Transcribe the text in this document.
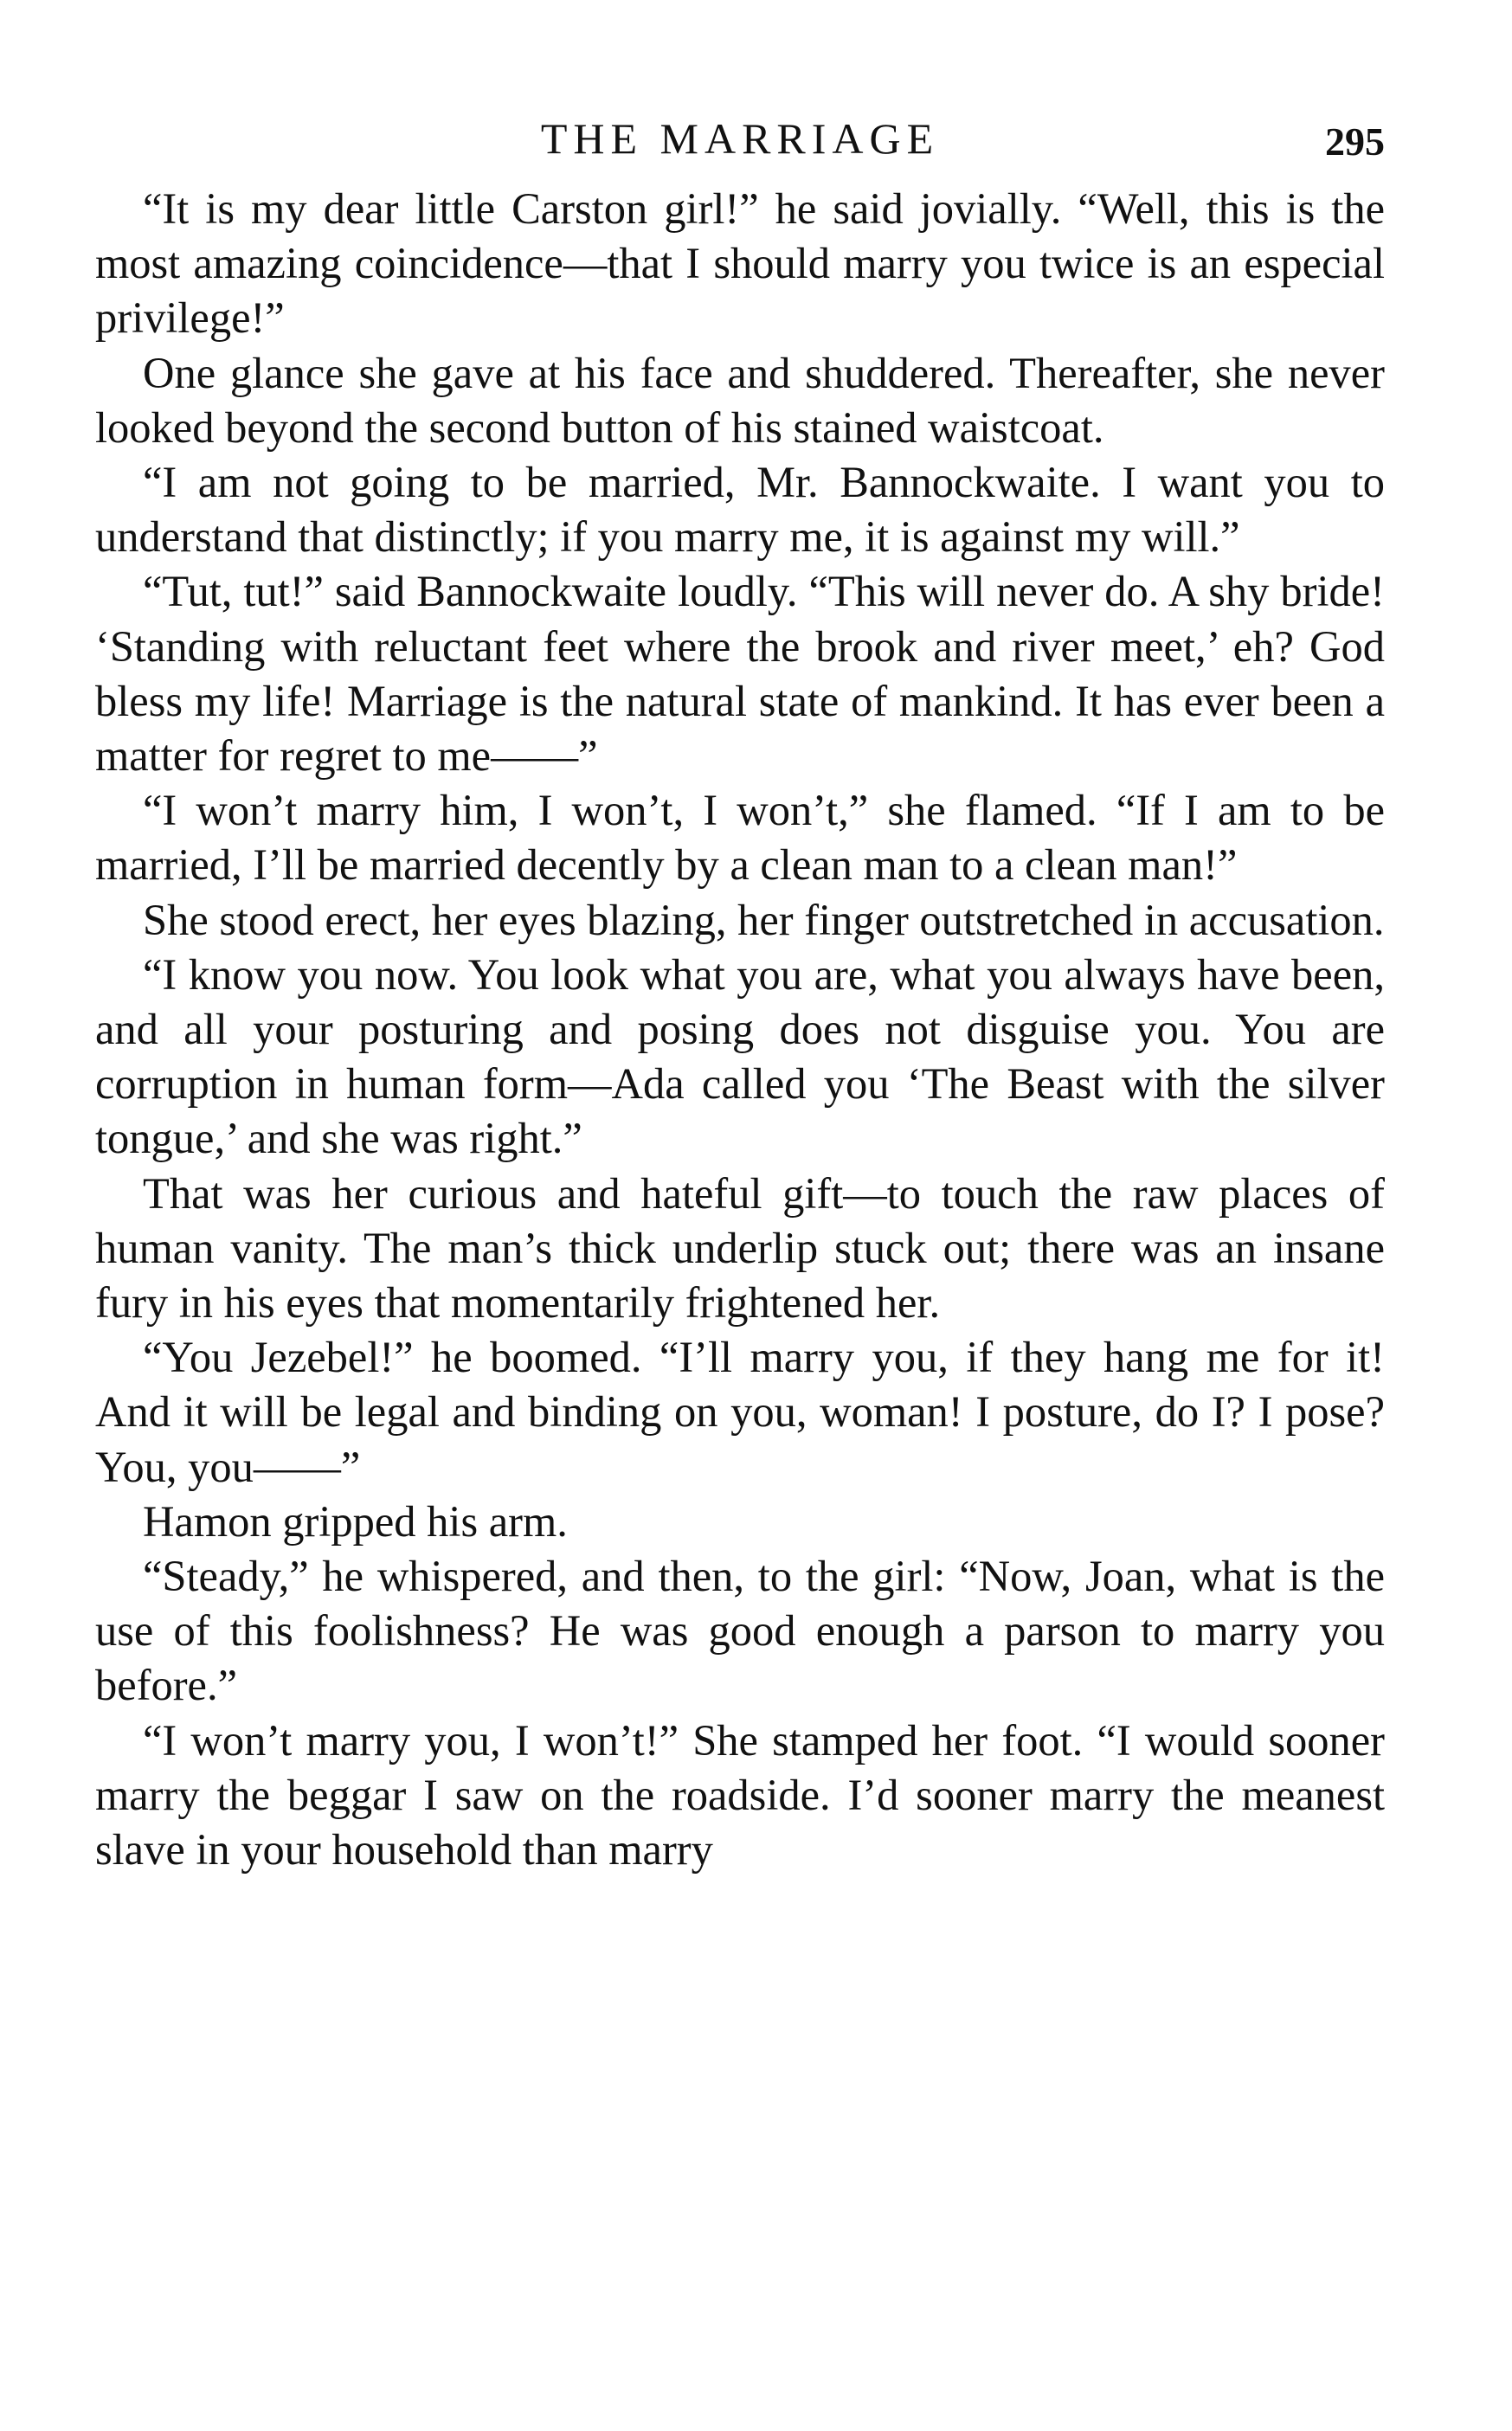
THE MARRIAGE	295

“It is my dear little Carston girl!” he said jovially. “Well, this is the most amazing coincidence—that I should marry you twice is an especial privilege!”

One glance she gave at his face and shuddered. Thereafter, she never looked beyond the second button of his stained waistcoat.

“I am not going to be married, Mr. Bannockwaite. I want you to understand that distinctly; if you marry me, it is against my will.”

“Tut, tut!” said Bannockwaite loudly. “This will never do. A shy bride! ‘Standing with reluctant feet where the brook and river meet,’ eh? God bless my life! Marriage is the natural state of mankind. It has ever been a matter for regret to me——”

“I won’t marry him, I won’t, I won’t,” she flamed. “If I am to be married, I’ll be married decently by a clean man to a clean man!”

She stood erect, her eyes blazing, her finger outstretched in accusation.

“I know you now. You look what you are, what you always have been, and all your posturing and posing does not disguise you. You are corruption in human form—Ada called you ‘The Beast with the silver tongue,’ and she was right.”

That was her curious and hateful gift—to touch the raw places of human vanity. The man’s thick underlip stuck out; there was an insane fury in his eyes that momentarily frightened her.

“You Jezebel!” he boomed. “I’ll marry you, if they hang me for it! And it will be legal and binding on you, woman! I posture, do I? I pose? You, you——”

Hamon gripped his arm.

“Steady,” he whispered, and then, to the girl: “Now, Joan, what is the use of this foolishness? He was good enough a parson to marry you before.”

“I won’t marry you, I won’t!” She stamped her foot. “I would sooner marry the beggar I saw on the roadside. I’d sooner marry the meanest slave in your household than marry
